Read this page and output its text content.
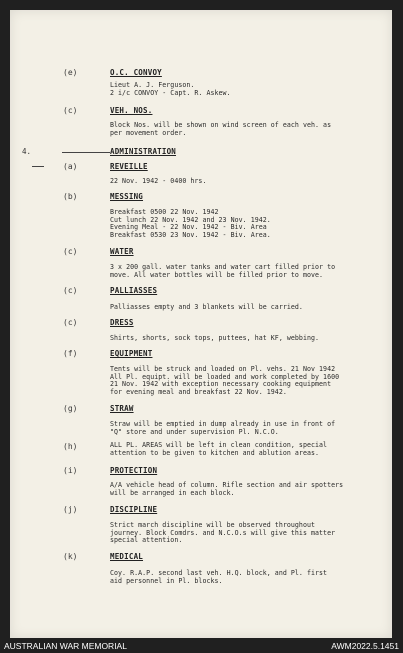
(e)	O.C. CONVOY
Lieut A. J. Ferguson.
2 i/c CONVOY - Capt. R. Askew.
(c)	VEH. NOS.
Block Nos. will be shown on wind screen of each veh. as
per movement order.
4.	ADMINISTRATION
(a)	REVEILLE
22 Nov. 1942 - 0400 hrs.
(b)	MESSING
Breakfast 0500 22 Nov. 1942
Cut lunch 22 Nov. 1942 and 23 Nov. 1942.
Evening Meal - 22 Nov. 1942 - Biv. Area
Breakfast 0530 23 Nov. 1942 - Biv. Area.
(c)	WATER
3 x 200 gall. water tanks and water cart filled prior to
move. All water bottles will be filled prior to move.
(c)	PALLIASSES
Palliasses empty and 3 blankets will be carried.
(c)	DRESS
Shirts, shorts, sock tops, puttees, hat KF, webbing.
(f)	EQUIPMENT
Tents will be struck and loaded on Pl. vehs. 21 Nov 1942
All Pl. equipt. will be loaded and work completed by 1600
21 Nov. 1942 with exception necessary cooking equipment
for evening meal and breakfast 22 Nov. 1942.
(g)	STRAW
Straw will be emptied in dump already in use in front of
"Q" store and under supervision Pl. N.C.O.
(h)	ALL PL. AREAS will be left in clean condition, special
attention to be given to kitchen and ablution areas.
(i)	PROTECTION
A/A vehicle head of column. Rifle section and air spotters
will be arranged in each block.
(j)	DISCIPLINE
Strict march discipline will be observed throughout
journey. Block Comdrs. and N.C.O.s will give this matter
special attention.
(k)	MEDICAL
Coy. R.A.P. second last veh. H.Q. block, and Pl. first
aid personnel in Pl. blocks.
AUSTRALIAN WAR MEMORIAL	AWM2022.5.1451
